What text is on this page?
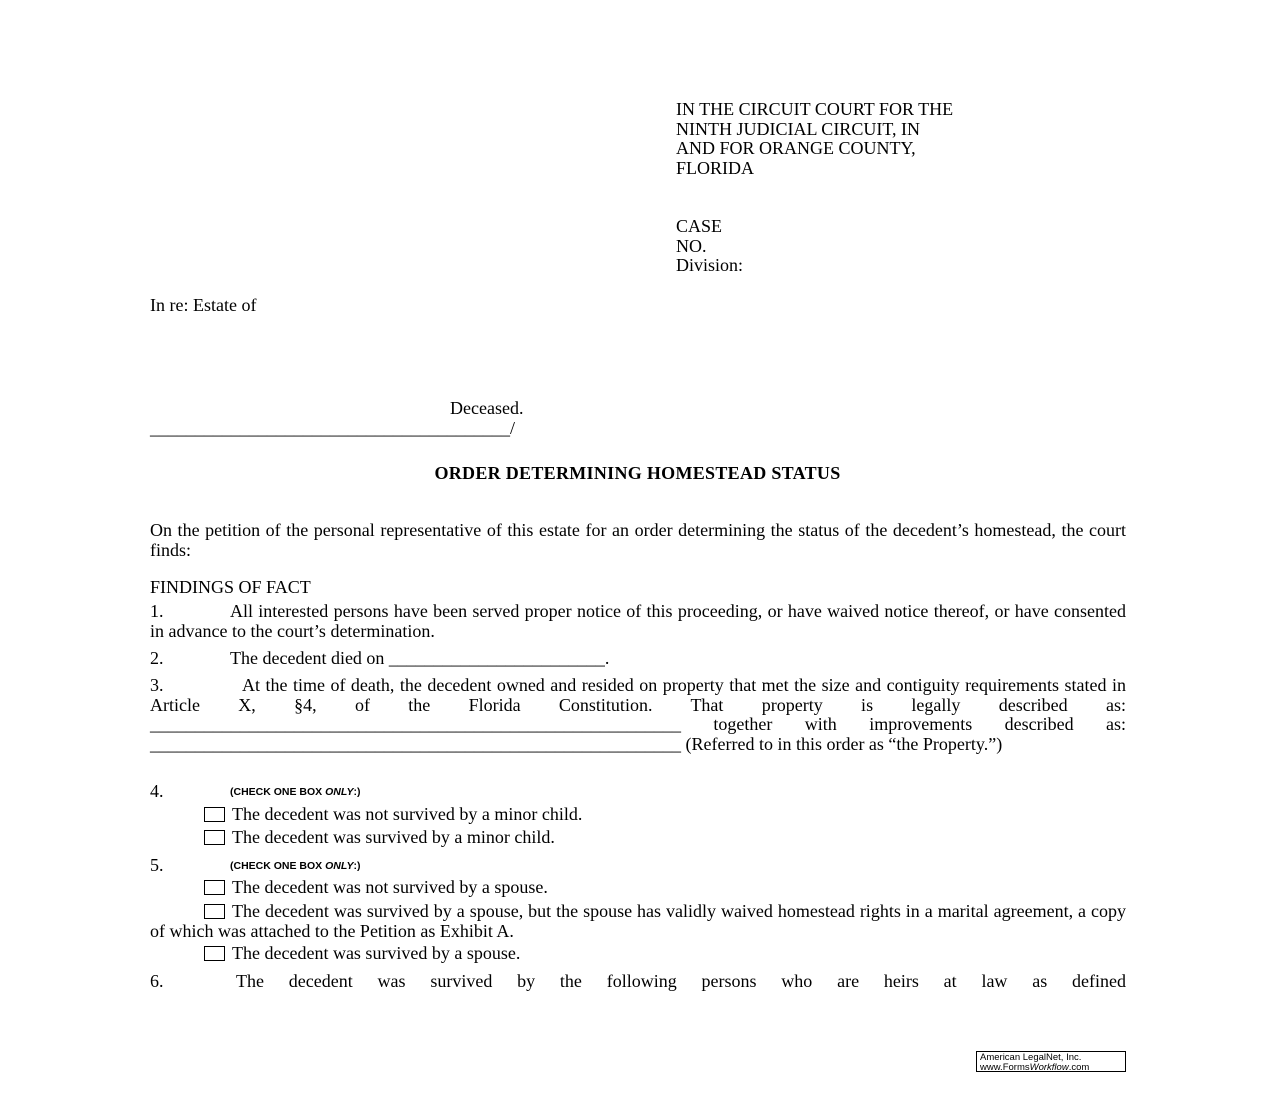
IN THE CIRCUIT COURT FOR THE
NINTH JUDICIAL CIRCUIT, IN
AND FOR ORANGE COUNTY,
FLORIDA
CASE
NO.
Division:
In re: Estate of
Deceased.
________________________________________/
ORDER DETERMINING HOMESTEAD STATUS
On the petition of the personal representative of this estate for an order determining the status of the decedent’s homestead, the court finds:
FINDINGS OF FACT
1.	All interested persons have been served proper notice of this proceeding, or have waived notice thereof, or have consented in advance to the court’s determination.
2.	The decedent died on ________________________.
3.	At the time of death, the decedent owned and resided on property that met the size and contiguity requirements stated in Article X, §4, of the Florida Constitution. That property is legally described as: ___________________________________________________________ together with improvements described as: ___________________________________________________________ (Referred to in this order as “the Property.”)
4.	(CHECK ONE BOX ONLY:)
The decedent was not survived by a minor child.
The decedent was survived by a minor child.
5.	(CHECK ONE BOX ONLY:)
The decedent was not survived by a spouse.
The decedent was survived by a spouse, but the spouse has validly waived homestead rights in a marital agreement, a copy of which was attached to the Petition as Exhibit A.
The decedent was survived by a spouse.
6.	The decedent was survived by the following persons who are heirs at law as defined
American LegalNet, Inc.
www.FormsWorkflow.com
